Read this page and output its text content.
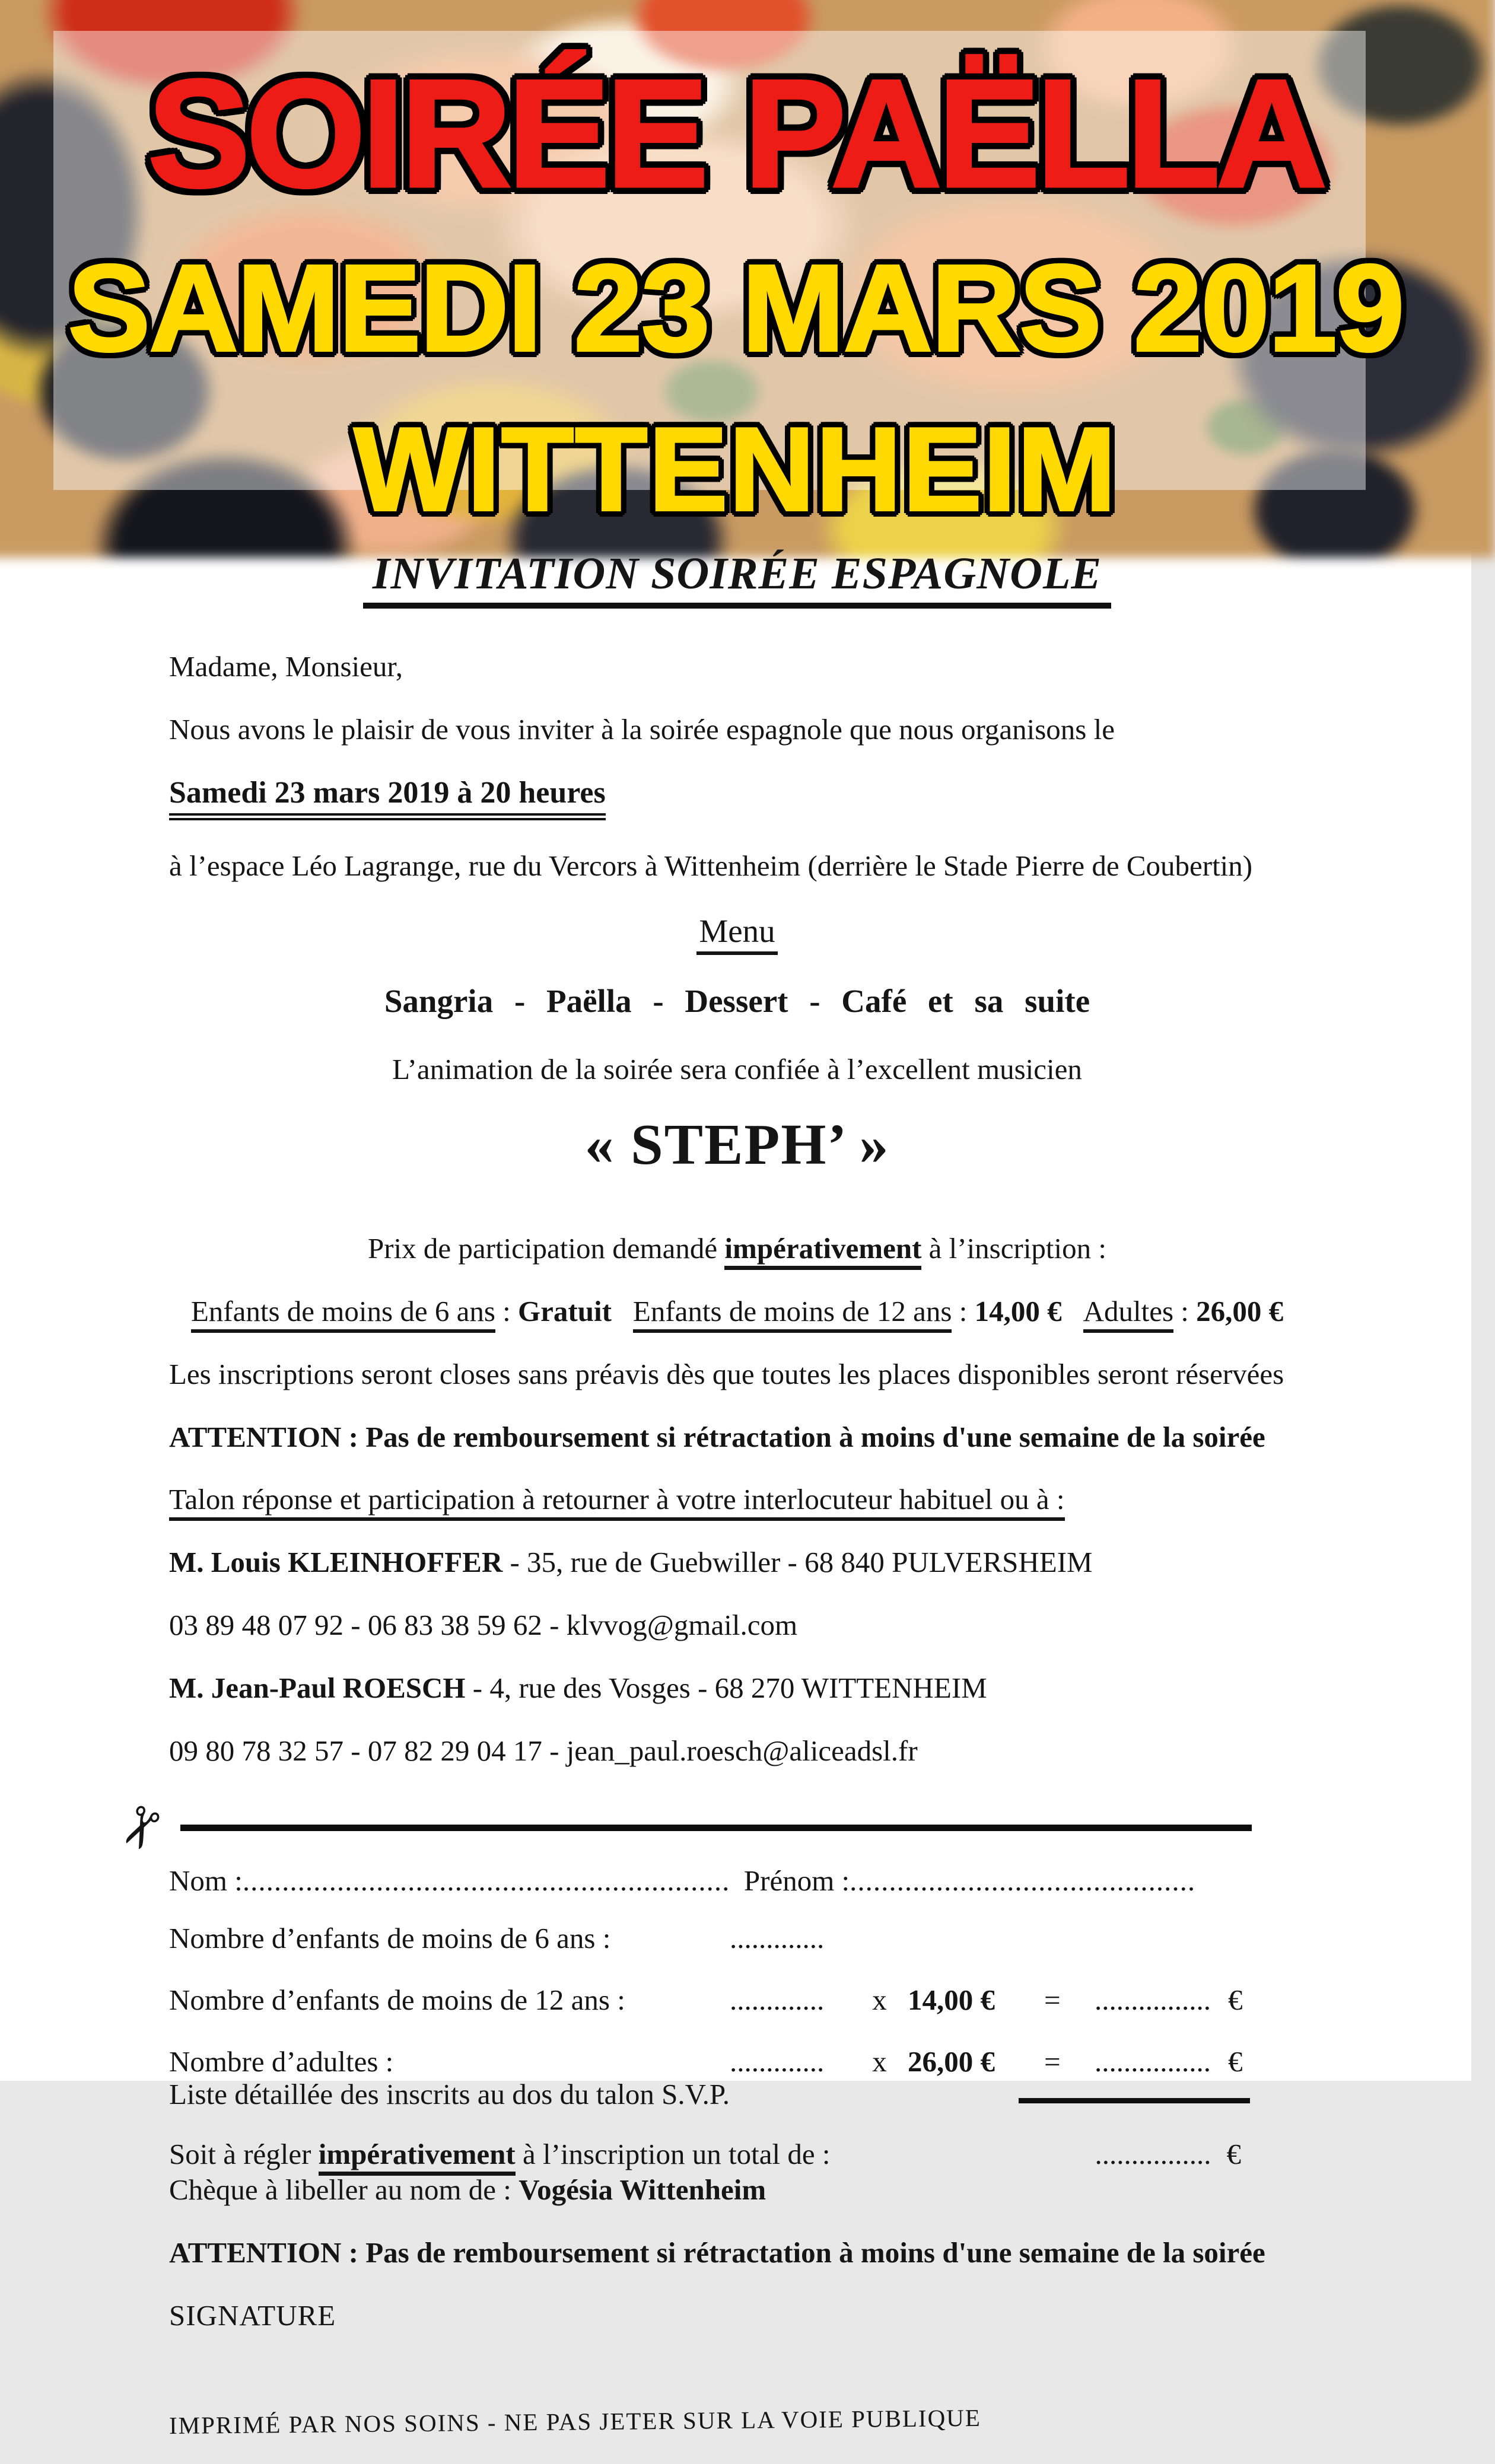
SOIRÉE PAËLLA
SAMEDI 23 MARS 2019
WITTENHEIM
INVITATION SOIRÉE ESPAGNOLE

Madame, Monsieur,

Nous avons le plaisir de vous inviter à la soirée espagnole que nous organisons le

Samedi 23 mars 2019 à 20 heures

à l’espace Léo Lagrange, rue du Vercors à Wittenheim (derrière le Stade Pierre de Coubertin)

Menu

Sangria - Paëlla - Dessert - Café et sa suite

L’animation de la soirée sera confiée à l’excellent musicien

« STEPH’ »

Prix de participation demandé impérativement à l’inscription :

Enfants de moins de 6 ans : Gratuit Enfants de moins de 12 ans : 14,00 € Adultes : 26,00 €

Les inscriptions seront closes sans préavis dès que toutes les places disponibles seront réservées

ATTENTION : Pas de remboursement si rétractation à moins d'une semaine de la soirée

Talon réponse et participation à retourner à votre interlocuteur habituel ou à :

M. Louis KLEINHOFFER - 35, rue de Guebwiller - 68 840 PULVERSHEIM

03 89 48 07 92 - 06 83 38 59 62 - klvvog@gmail.com

M. Jean-Paul ROESCH - 4, rue des Vosges - 68 270 WITTENHEIM

09 80 78 32 57 - 07 82 29 04 17 - jean_paul.roesch@aliceadsl.fr

✂
Nom : .............................................................. Prénom : ............................................
Nombre d’enfants de moins de 6 ans :	.............
Nombre d’enfants de moins de 12 ans :	.............	x 14,00 €	=	................ €
Nombre d’adultes :	.............	x 26,00 €	=	................ €
Liste détaillée des inscrits au dos du talon S.V.P.
Soit à régler impérativement à l’inscription un total de :	................ €

Chèque à libeller au nom de : Vogésia Wittenheim

ATTENTION : Pas de remboursement si rétractation à moins d'une semaine de la soirée

SIGNATURE

IMPRIMÉ PAR NOS SOINS - NE PAS JETER SUR LA VOIE PUBLIQUE
